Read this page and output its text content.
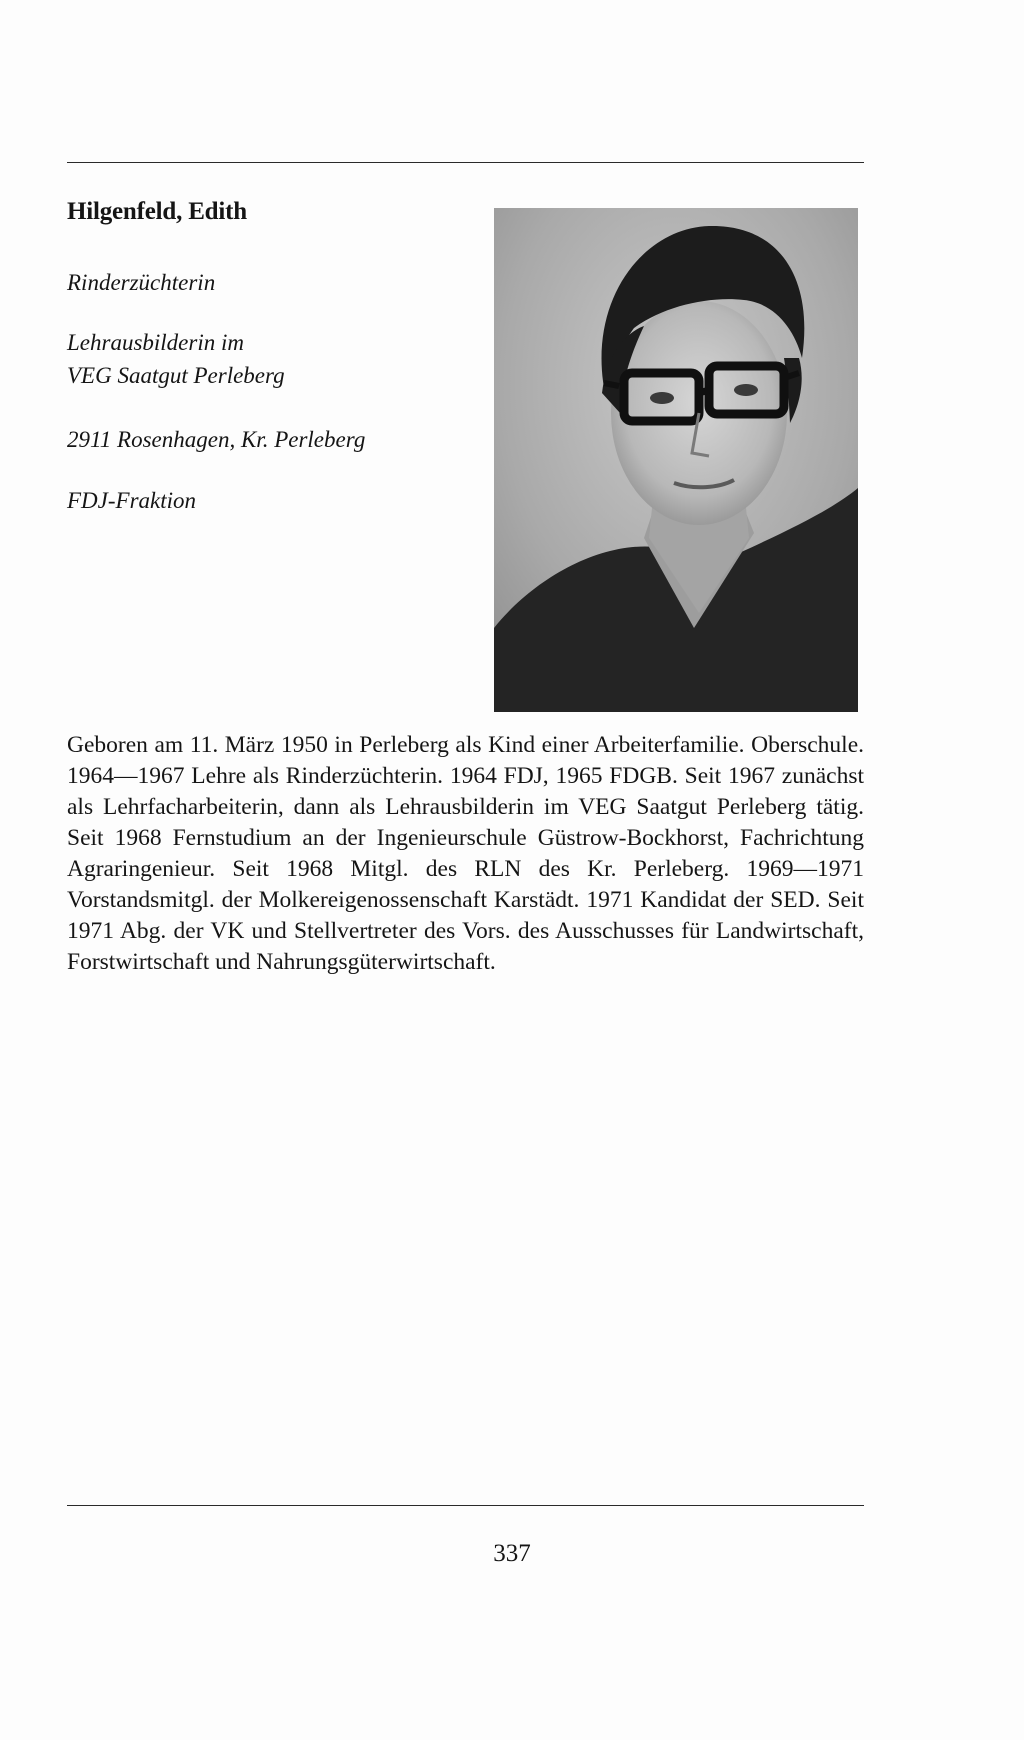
Hilgenfeld, Edith
Rinderzüchterin
Lehrausbilderin im
VEG Saatgut Perleberg
2911 Rosenhagen, Kr. Perleberg
FDJ-Fraktion
Geboren am 11. März 1950 in Perleberg als Kind einer Arbeiterfamilie. Oberschule. 1964—1967 Lehre als Rinderzüchterin. 1964 FDJ, 1965 FDGB. Seit 1967 zunächst als Lehrfacharbeiterin, dann als Lehrausbilderin im VEG Saatgut Perleberg tätig. Seit 1968 Fernstudium an der Ingenieurschule Güstrow-Bockhorst, Fachrichtung Agraringenieur. Seit 1968 Mitgl. des RLN des Kr. Perleberg. 1969—1971 Vorstandsmitgl. der Molkereigenossenschaft Karstädt. 1971 Kandidat der SED. Seit 1971 Abg. der VK und Stellvertreter des Vors. des Ausschusses für Landwirtschaft, Forstwirtschaft und Nahrungsgüterwirtschaft.
337
